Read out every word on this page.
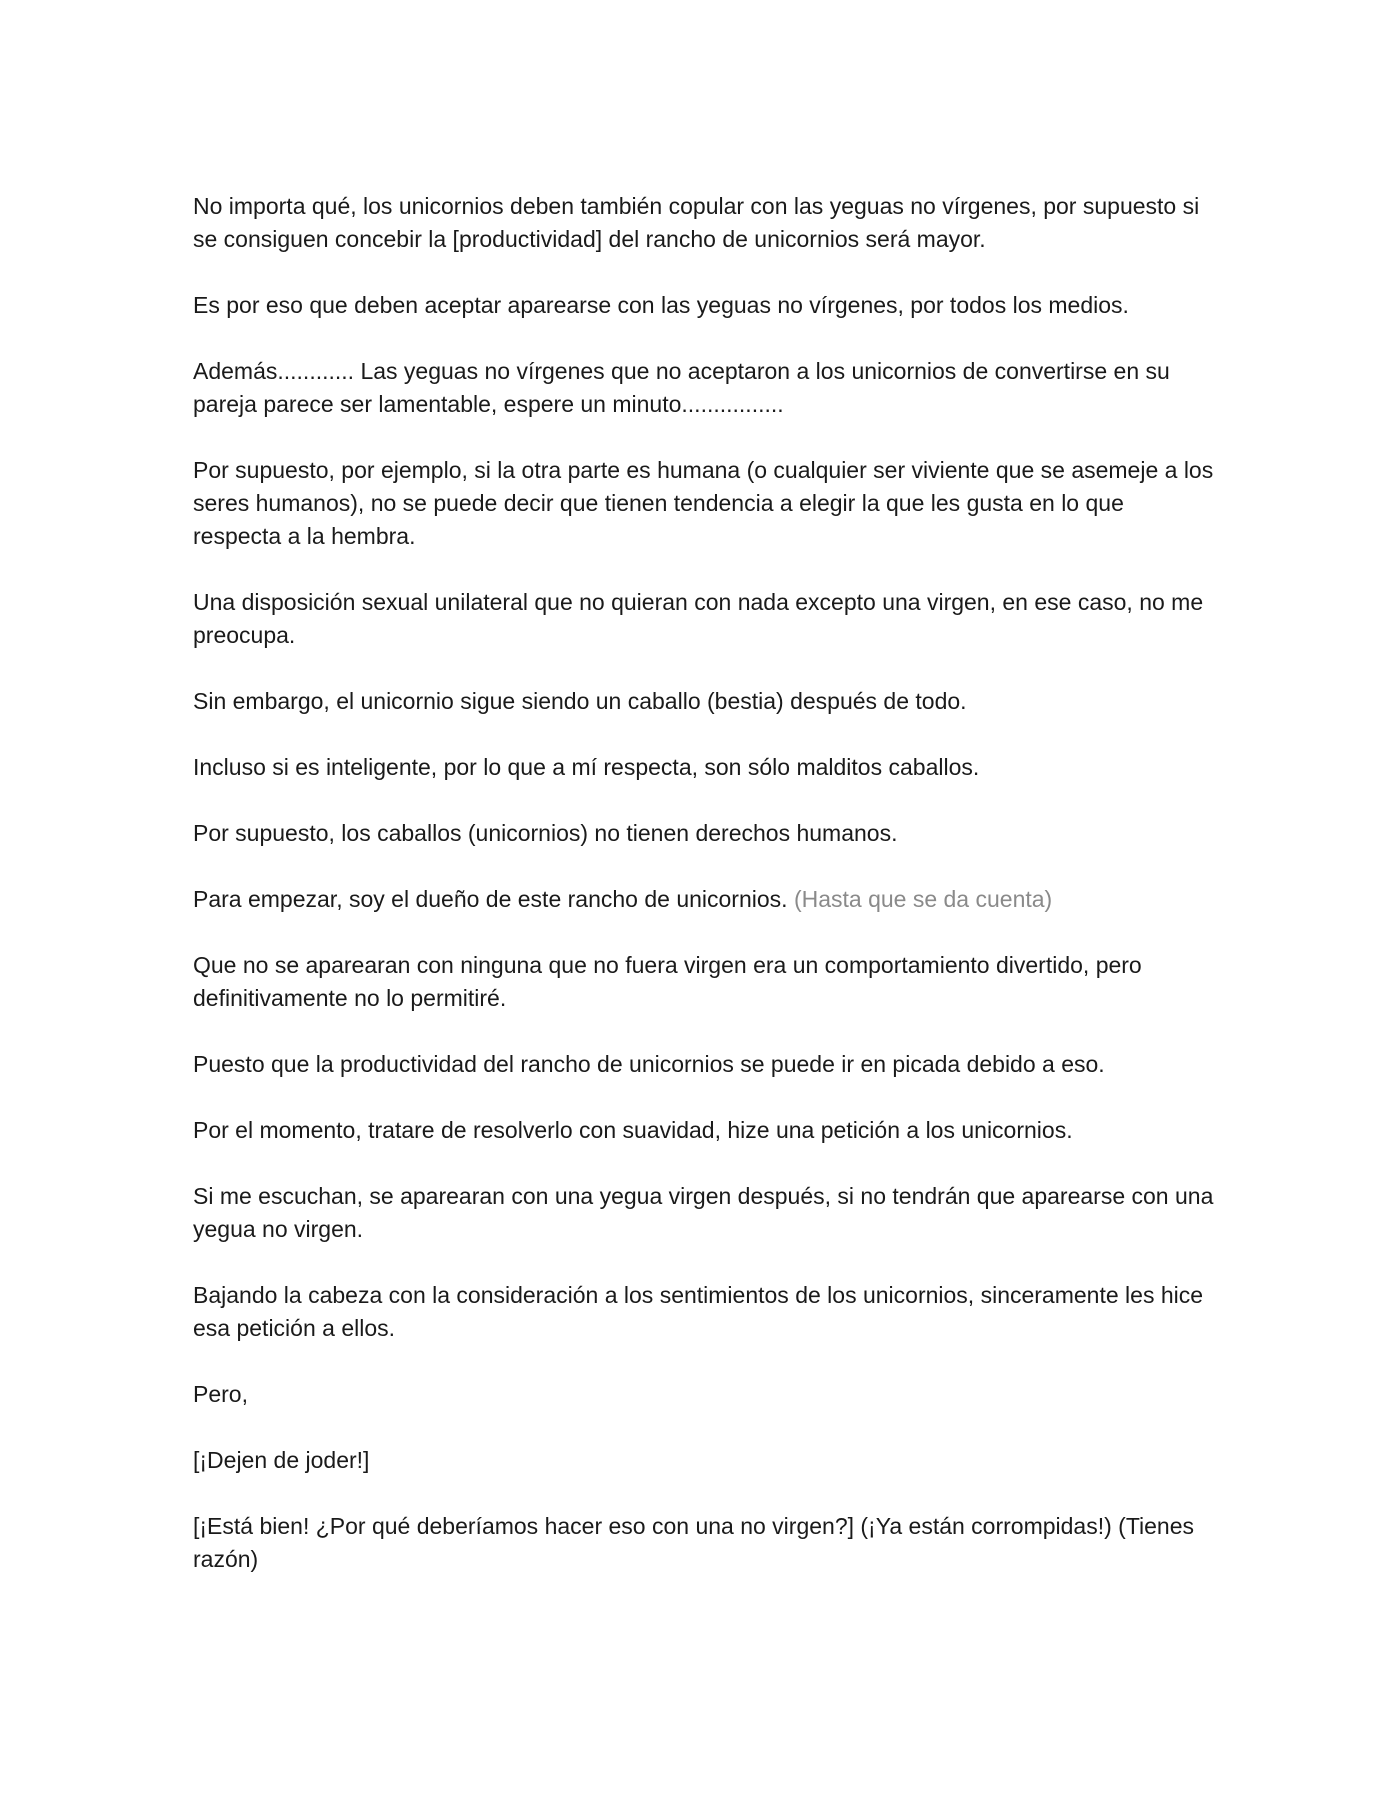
No importa qué, los unicornios deben también copular con las yeguas no vírgenes, por supuesto si se consiguen concebir la [productividad] del rancho de unicornios será mayor.

Es por eso que deben aceptar aparearse con las yeguas no vírgenes, por todos los medios.

Además............ Las yeguas no vírgenes que no aceptaron a los unicornios de convertirse en su pareja parece ser lamentable, espere un minuto................

Por supuesto, por ejemplo, si la otra parte es humana (o cualquier ser viviente que se asemeje a los seres humanos), no se puede decir que tienen tendencia a elegir la que les gusta en lo que respecta a la hembra.

Una disposición sexual unilateral que no quieran con nada excepto una virgen, en ese caso, no me preocupa.

Sin embargo, el unicornio sigue siendo un caballo (bestia) después de todo.

Incluso si es inteligente, por lo que a mí respecta, son sólo malditos caballos.

Por supuesto, los caballos (unicornios) no tienen derechos humanos.

Para empezar, soy el dueño de este rancho de unicornios. (Hasta que se da cuenta)

Que no se aparearan con ninguna que no fuera virgen era un comportamiento divertido, pero definitivamente no lo permitiré.

Puesto que la productividad del rancho de unicornios se puede ir en picada debido a eso.

Por el momento, tratare de resolverlo con suavidad, hize una petición a los unicornios.

Si me escuchan, se aparearan con una yegua virgen después, si no tendrán que aparearse con una yegua no virgen.

Bajando la cabeza con la consideración a los sentimientos de los unicornios, sinceramente les hice esa petición a ellos.

Pero,

[¡Dejen de joder!]

[¡Está bien! ¿Por qué deberíamos hacer eso con una no virgen?] (¡Ya están corrompidas!) (Tienes razón)
